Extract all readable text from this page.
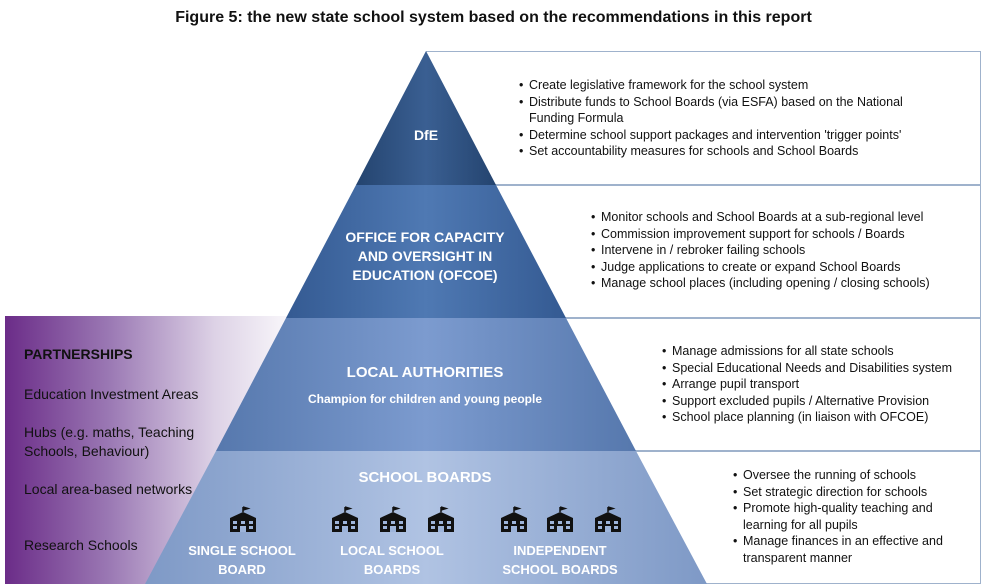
Figure 5: the new state school system based on the recommendations in this report
PARTNERSHIPS
Education Investment Areas
Hubs (e.g. maths, Teaching Schools, Behaviour)
Local area-based networks
Research Schools
• Create legislative framework for the school system
• Distribute funds to School Boards (via ESFA) based on the National Funding Formula
• Determine school support packages and intervention 'trigger points'
• Set accountability measures for schools and School Boards
• Monitor schools and School Boards at a sub-regional level
• Commission improvement support for schools / Boards
• Intervene in / rebroker failing schools
• Judge applications to create or expand School Boards
• Manage school places (including opening / closing schools)
• Manage admissions for all state schools
• Special Educational Needs and Disabilities system
• Arrange pupil transport
• Support excluded pupils / Alternative Provision
• School place planning (in liaison with OFCOE)
• Oversee the running of schools
• Set strategic direction for schools
• Promote high-quality teaching and learning for all pupils
• Manage finances in an effective and transparent manner
DfE
OFFICE FOR CAPACITY AND OVERSIGHT IN EDUCATION (OFCOE)
LOCAL AUTHORITIES
Champion for children and young people
SCHOOL BOARDS
SINGLE SCHOOL BOARD
LOCAL SCHOOL BOARDS
INDEPENDENT SCHOOL BOARDS
